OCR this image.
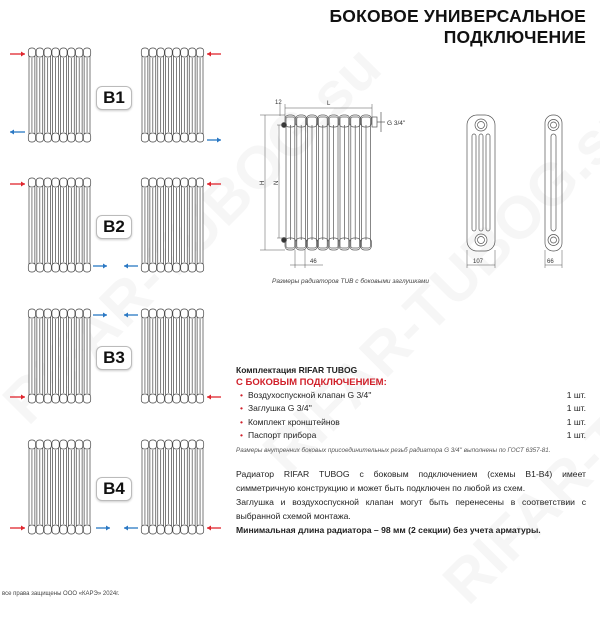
БОКОВОЕ УНИВЕРСАЛЬНОЕ
ПОДКЛЮЧЕНИЕ
B1
B2
B3
B4
12	L
H N
G 3/4''
46	107	66
Размеры радиаторов TUB с боковыми заглушками
Комплектация RIFAR TUBOG
С БОКОВЫМ ПОДКЛЮЧЕНИЕМ:
• Воздухоспускной клапан G 3/4''	1 шт.
• Заглушка G 3/4''	1 шт.
• Комплект кронштейнов	1 шт.
• Паспорт прибора	1 шт.
Размеры внутренних боковых присоединительных резьб радиатора G 3/4'' выполнены по ГОСТ 6357-81.
Радиатор RIFAR TUBOG с боковым подключением (схемы В1-В4) имеет симметричную конструкцию и может быть подключен по любой из схем.
Заглушка и воздухоспускной клапан могут быть перенесены в соответствии с выбранной схемой монтажа.
Минимальная длина радиатора – 98 мм (2 секции) без учета арматуры.
все права защищены ООО «КАРЭ» 2024г.
